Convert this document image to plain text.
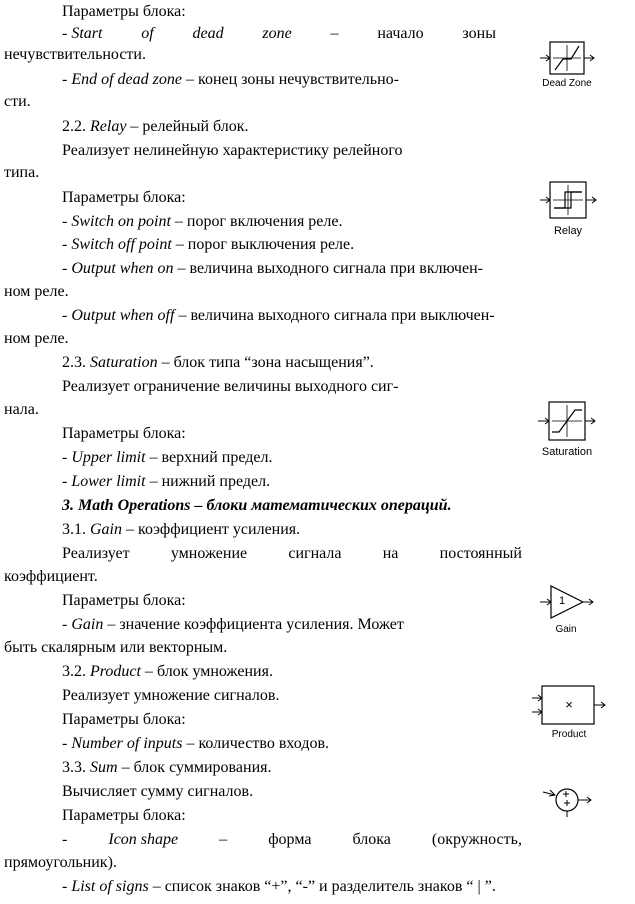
Параметры блока:
- Start of dead zone – начало зоны
нечувствительности.
- End of dead zone – конец зоны нечувствительно-
сти.
2.2. Relay – релейный блок.
Реализует нелинейную характеристику релейного
типа.
Параметры блока:
- Switch on point – порог включения реле.
- Switch off point – порог выключения реле.
- Output when on – величина выходного сигнала при включен-
ном реле.
- Output when off – величина выходного сигнала при выключен-
ном реле.
2.3. Saturation – блок типа “зона насыщения”.
Реализует ограничение величины выходного сиг-
нала.
Параметры блока:
- Upper limit – верхний предел.
- Lower limit – нижний предел.
3. Math Operations – блоки математических операций.
3.1. Gain – коэффициент усиления.
Реализует	умножение	сигнала	на	постоянный
коэффициент.
Параметры блока:
- Gain – значение коэффициента усиления. Может
быть скалярным или векторным.
3.2. Product – блок умножения.
Реализует умножение сигналов.
Параметры блока:
- Number of inputs – количество входов.
3.3. Sum – блок суммирования.
Вычисляет сумму сигналов.
Параметры блока:
-	Icon shape	–	форма	блока	(окружность,
прямоугольник).
- List of signs – список знаков “+”, “-” и разделитель знаков “ | ”.
Dead Zone
Relay
Saturation
1
Gain
×
Product
